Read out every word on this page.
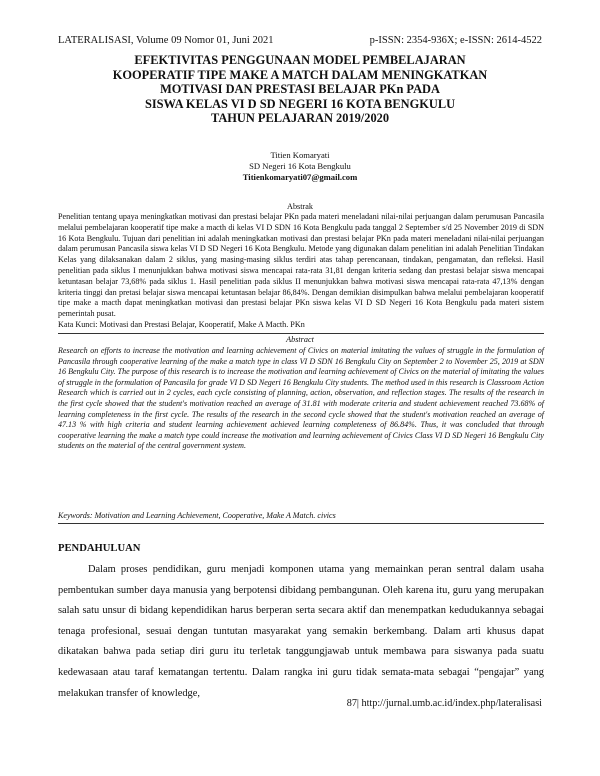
LATERALISASI, Volume 09 Nomor 01, Juni 2021	p-ISSN: 2354-936X; e-ISSN: 2614-4522
EFEKTIVITAS PENGGUNAAN MODEL PEMBELAJARAN
KOOPERATIF TIPE MAKE A MATCH DALAM MENINGKATKAN
MOTIVASI DAN PRESTASI BELAJAR PKn PADA
SISWA KELAS VI D SD NEGERI 16 KOTA BENGKULU
TAHUN PELAJARAN 2019/2020
Titien Komaryati
SD Negeri 16 Kota Bengkulu
Titienkomaryati07@gmail.com
Abstrak
Penelitian tentang upaya meningkatkan motivasi dan prestasi belajar PKn pada materi meneladani nilai-nilai perjuangan dalam perumusan Pancasila melalui pembelajaran kooperatif tipe make a macth di kelas VI D SDN 16 Kota Bengkulu pada tanggal 2 September s/d 25 November 2019 di SDN 16 Kota Bengkulu. Tujuan dari penelitian ini adalah meningkatkan motivasi dan prestasi belajar PKn pada materi meneladani nilai-nilai perjuangan dalam perumusan Pancasila siswa kelas VI D SD Negeri 16 Kota Bengkulu. Metode yang digunakan dalam penelitian ini adalah Penelitian Tindakan Kelas yang dilaksanakan dalam 2 siklus, yang masing-masing siklus terdiri atas tahap perencanaan, tindakan, pengamatan, dan refleksi. Hasil penelitian pada siklus I menunjukkan bahwa motivasi siswa mencapai rata-rata 31,81 dengan kriteria sedang dan prestasi belajar siswa mencapai ketuntasan belajar 73,68% pada siklus 1. Hasil penelitian pada siklus II menunjukkan bahwa motivasi siswa mencapai rata-rata 47,13% dengan kriteria tinggi dan pretasi belajar siswa mencapai ketuntasan belajar 86,84%. Dengan demikian disimpulkan bahwa melalui pembelajaran kooperatif tipe make a macth dapat meningkatkan motivasi dan prestasi belajar PKn siswa kelas VI D SD Negeri 16 Kota Bengkulu pada materi sistem pemerintah pusat.
Kata Kunci: Motivasi dan Prestasi Belajar, Kooperatif, Make A Macth. PKn
Abstract
Research on efforts to increase the motivation and learning achievement of Civics on material imitating the values of struggle in the formulation of Pancasila through cooperative learning of the make a match type in class VI D SDN 16 Bengkulu City on September 2 to November 25, 2019 at SDN 16 Bengkulu City. The purpose of this research is to increase the motivation and learning achievement of Civics on the material of imitating the values of struggle in the formulation of Pancasila for grade VI D SD Negeri 16 Bengkulu City students. The method used in this research is Classroom Action Research which is carried out in 2 cycles, each cycle consisting of planning, action, observation, and reflection stages. The results of the research in the first cycle showed that the student's motivation reached an average of 31.81 with moderate criteria and student achievement reached 73.68% of learning completeness in the first cycle. The results of the research in the second cycle showed that the student's motivation reached an average of 47.13 % with high criteria and student learning achievement achieved learning completeness of 86.84%. Thus, it was concluded that through cooperative learning the make a match type could increase the motivation and learning achievement of Civics Class VI D SD Negeri 16 Bengkulu City students on the material of the central government system.
Keywords: Motivation and Learning Achievement, Cooperative, Make A Match. civics
PENDAHULUAN
Dalam proses pendidikan, guru menjadi komponen utama yang memainkan peran sentral dalam usaha pembentukan sumber daya manusia yang berpotensi dibidang pembangunan. Oleh karena itu, guru yang merupakan salah satu unsur di bidang kependidikan harus berperan serta secara aktif dan menempatkan kedudukannya sebagai tenaga profesional, sesuai dengan tuntutan masyarakat yang semakin berkembang. Dalam arti khusus dapat dikatakan bahwa pada setiap diri guru itu terletak tanggungjawab untuk membawa para siswanya pada suatu kedewasaan atau taraf kematangan tertentu. Dalam rangka ini guru tidak semata-mata sebagai “pengajar” yang melakukan transfer of knowledge,
87| http://jurnal.umb.ac.id/index.php/lateralisasi
